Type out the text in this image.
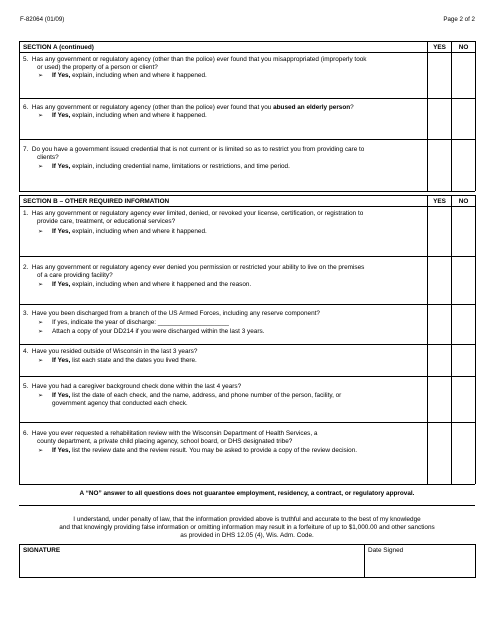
F-82064 (01/09)	Page 2 of 2
SECTION A (continued)	YES	NO
5.  Has any government or regulatory agency (other than the police) ever found that you misappropriated (improperly took
or used) the property of a person or client?
➢ If Yes, explain, including when and where it happened.
6.  Has any government or regulatory agency (other than the police) ever found that you abused an elderly person?
➢ If Yes, explain, including when and where it happened.
7.  Do you have a government issued credential that is not current or is limited so as to restrict you from providing care to
clients?
➢ If Yes, explain, including credential name, limitations or restrictions, and time period.
SECTION B – OTHER REQUIRED INFORMATION	YES	NO
1.  Has any government or regulatory agency ever limited, denied, or revoked your license, certification, or registration to
provide care, treatment, or educational services?
➢ If Yes, explain, including when and where it happened.
2.  Has any government or regulatory agency ever denied you permission or restricted your ability to live on the premises
of a care providing facility?
➢ If Yes, explain, including when and where it happened and the reason.
3.  Have you been discharged from a branch of the US Armed Forces, including any reserve component?
➢ If yes, indicate the year of discharge: ____________________
➢ Attach a copy of your DD214 if you were discharged within the last 3 years.
4.  Have you resided outside of Wisconsin in the last 3 years?
➢ If Yes, list each state and the dates you lived there.
5.  Have you had a caregiver background check done within the last 4 years?
➢ If Yes, list the date of each check, and the name, address, and phone number of the person, facility, or
government agency that conducted each check.
6.  Have you ever requested a rehabilitation review with the Wisconsin Department of Health Services, a
county department, a private child placing agency, school board, or DHS designated tribe?
➢ If Yes, list the review date and the review result. You may be asked to provide a copy of the review decision.
A “NO” answer to all questions does not guarantee employment, residency, a contract, or regulatory approval.
I understand, under penalty of law, that the information provided above is truthful and accurate to the best of my knowledge
and that knowingly providing false information or omitting information may result in a forfeiture of up to $1,000.00 and other sanctions
as provided in DHS 12.05 (4), Wis. Adm. Code.
SIGNATURE	Date Signed
